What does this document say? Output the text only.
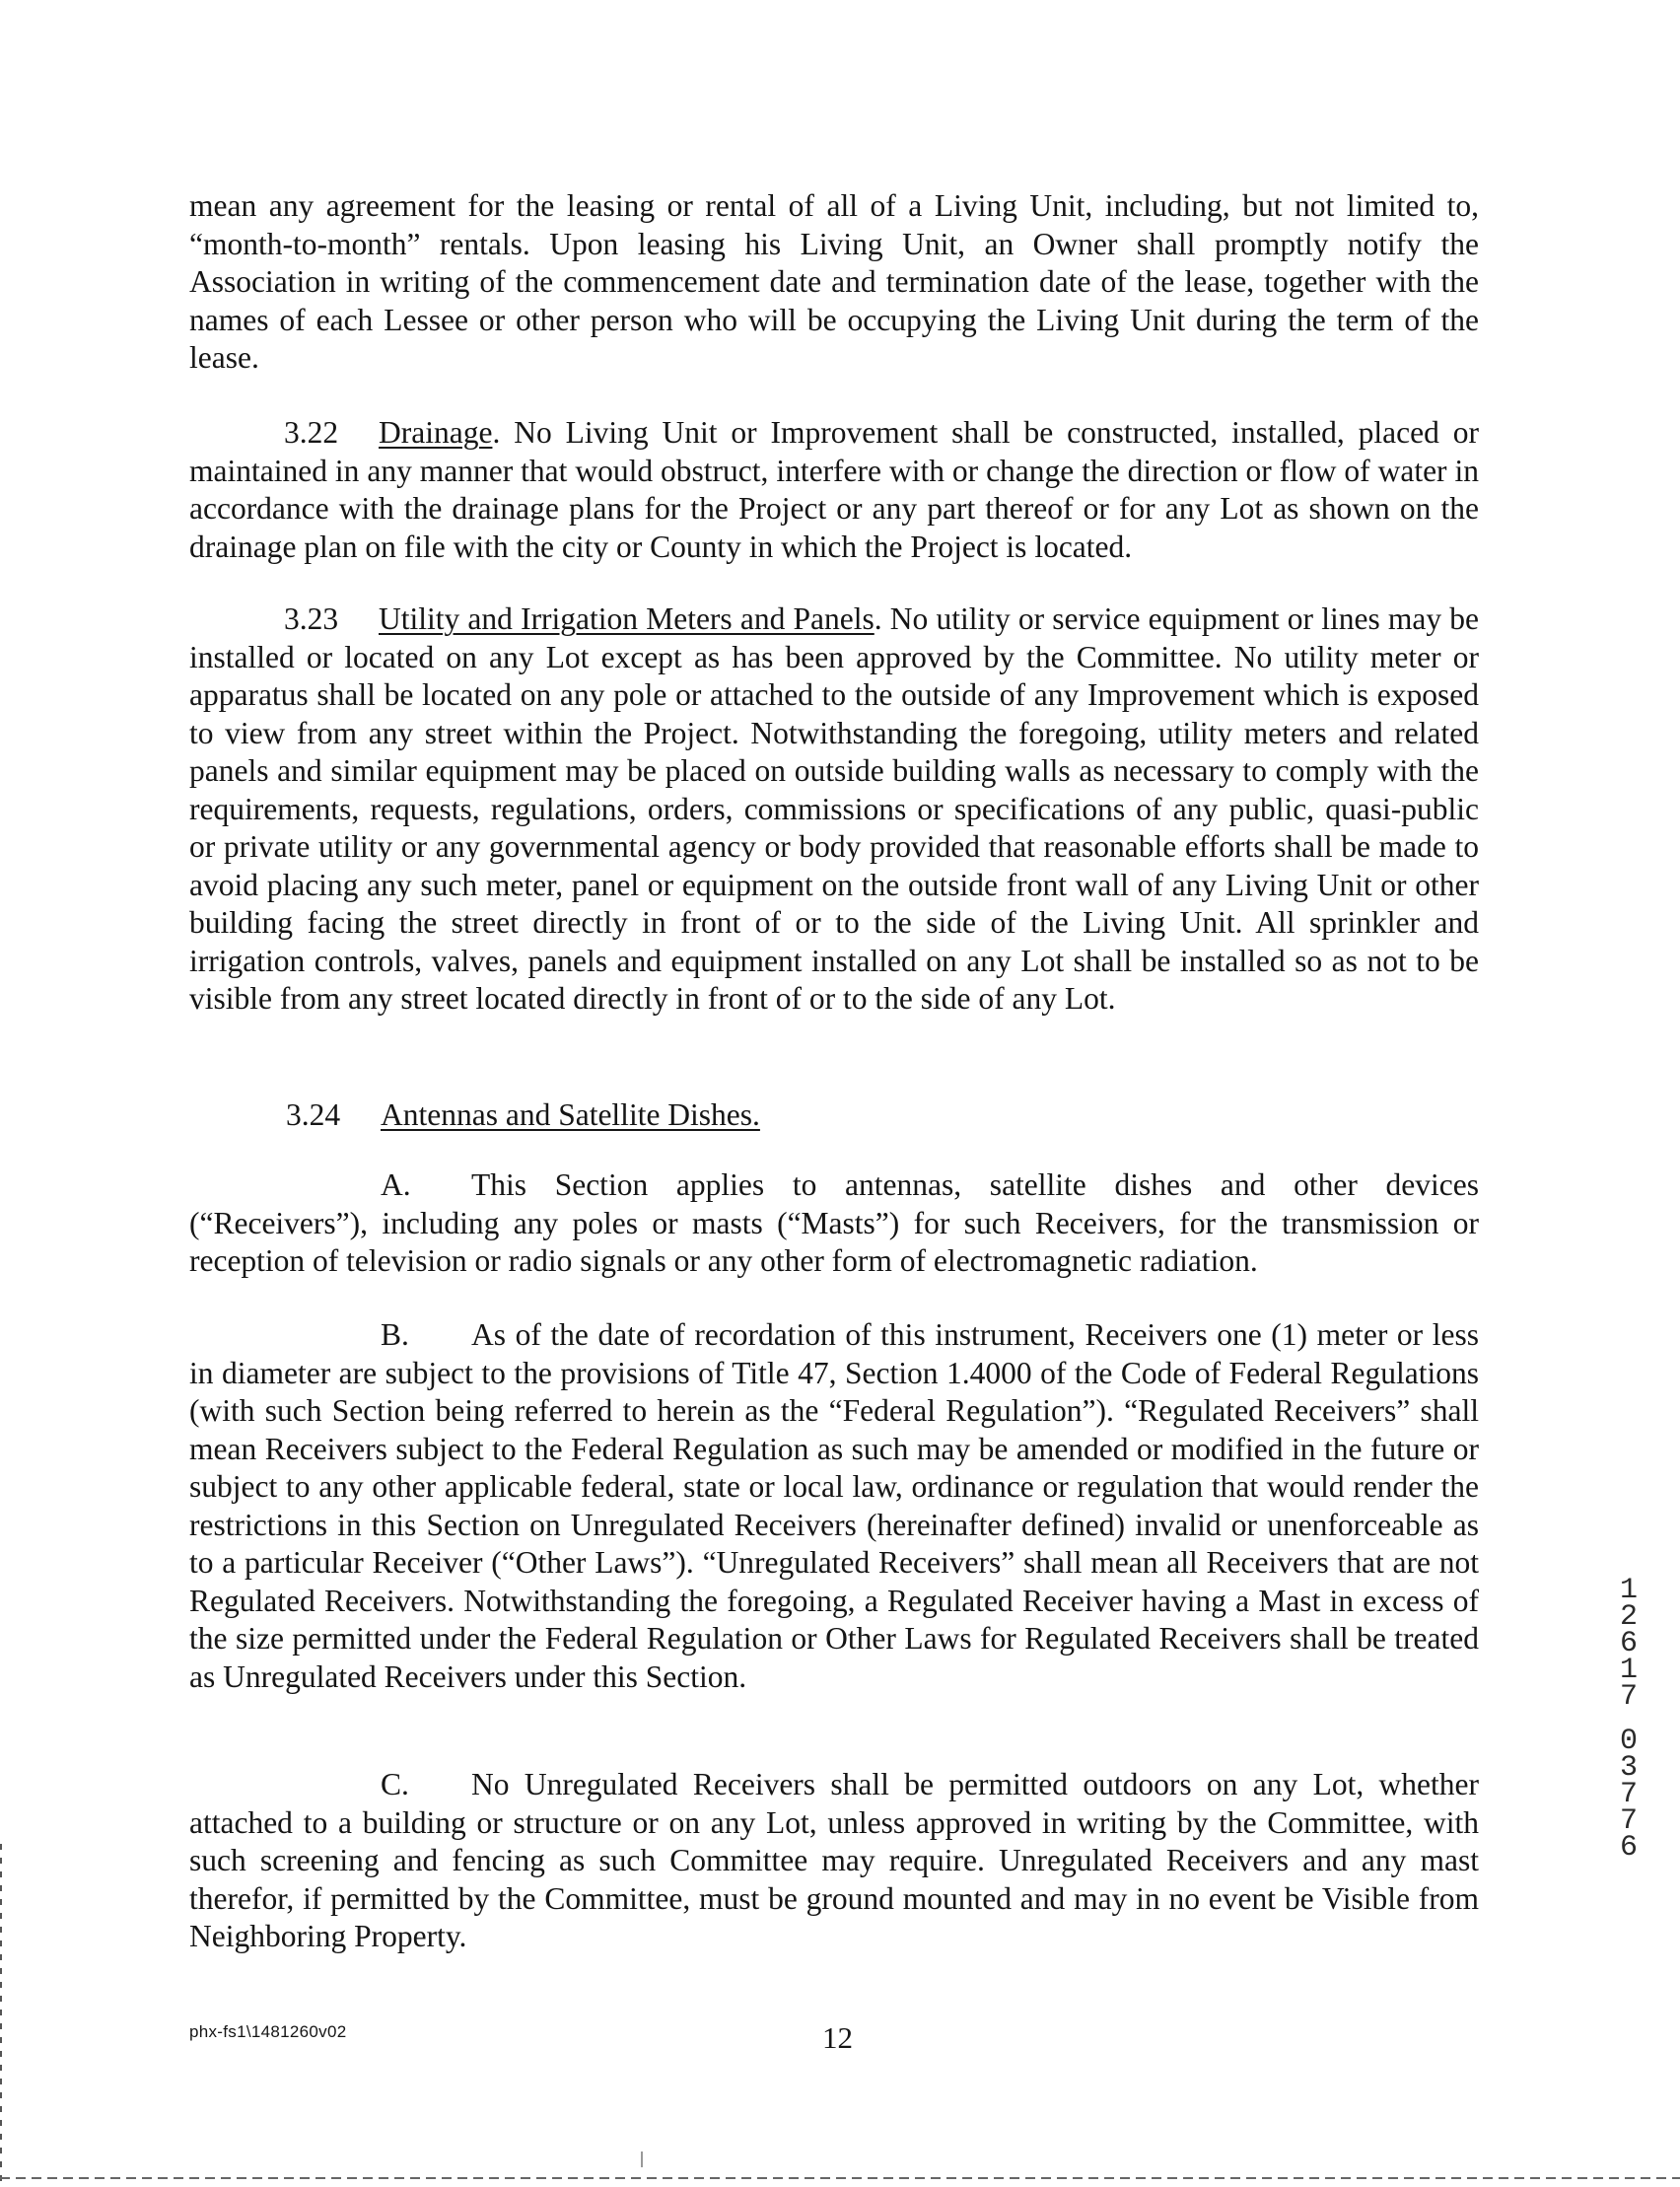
mean any agreement for the leasing or rental of all of a Living Unit, including, but not limited to, “month-to-month” rentals. Upon leasing his Living Unit, an Owner shall promptly notify the Association in writing of the commencement date and termination date of the lease, together with the names of each Lessee or other person who will be occupying the Living Unit during the term of the lease.

3.22 Drainage. No Living Unit or Improvement shall be constructed, installed, placed or maintained in any manner that would obstruct, interfere with or change the direction or flow of water in accordance with the drainage plans for the Project or any part thereof or for any Lot as shown on the drainage plan on file with the city or County in which the Project is located.

3.23 Utility and Irrigation Meters and Panels. No utility or service equipment or lines may be installed or located on any Lot except as has been approved by the Committee. No utility meter or apparatus shall be located on any pole or attached to the outside of any Improvement which is exposed to view from any street within the Project. Notwithstanding the foregoing, utility meters and related panels and similar equipment may be placed on outside building walls as necessary to comply with the requirements, requests, regulations, orders, commissions or specifications of any public, quasi-public or private utility or any governmental agency or body provided that reasonable efforts shall be made to avoid placing any such meter, panel or equipment on the outside front wall of any Living Unit or other building facing the street directly in front of or to the side of the Living Unit. All sprinkler and irrigation controls, valves, panels and equipment installed on any Lot shall be installed so as not to be visible from any street located directly in front of or to the side of any Lot.

3.24 Antennas and Satellite Dishes.

A. This Section applies to antennas, satellite dishes and other devices (“Receivers”), including any poles or masts (“Masts”) for such Receivers, for the transmission or reception of television or radio signals or any other form of electromagnetic radiation.

B. As of the date of recordation of this instrument, Receivers one (1) meter or less in diameter are subject to the provisions of Title 47, Section 1.4000 of the Code of Federal Regulations (with such Section being referred to herein as the “Federal Regulation”). “Regulated Receivers” shall mean Receivers subject to the Federal Regulation as such may be amended or modified in the future or subject to any other applicable federal, state or local law, ordinance or regulation that would render the restrictions in this Section on Unregulated Receivers (hereinafter defined) invalid or unenforceable as to a particular Receiver (“Other Laws”). “Unregulated Receivers” shall mean all Receivers that are not Regulated Receivers. Notwithstanding the foregoing, a Regulated Receiver having a Mast in excess of the size permitted under the Federal Regulation or Other Laws for Regulated Receivers shall be treated as Unregulated Receivers under this Section.

C. No Unregulated Receivers shall be permitted outdoors on any Lot, whether attached to a building or structure or on any Lot, unless approved in writing by the Committee, with such screening and fencing as such Committee may require. Unregulated Receivers and any mast therefor, if permitted by the Committee, must be ground mounted and may in no event be Visible from Neighboring Property.

phx-fs1\1481260v02	12
1
2
6
1
7
0
3
7
7
6
